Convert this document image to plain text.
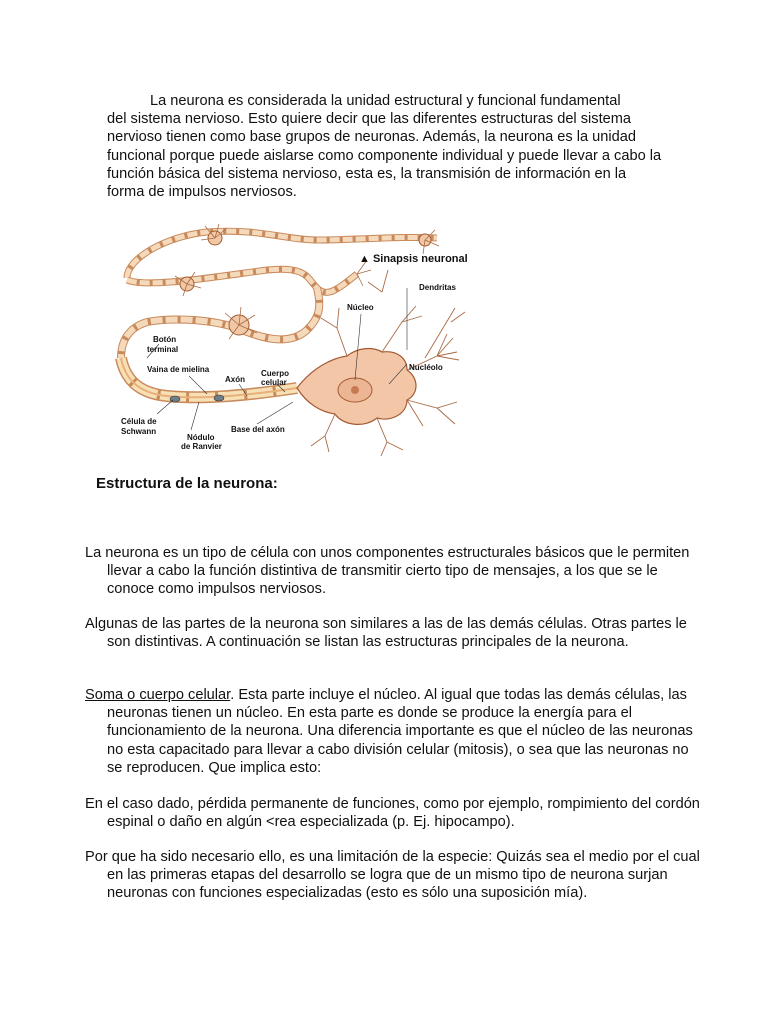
La neurona es considerada la unidad estructural y funcional fundamental

del sistema nervioso. Esto quiere decir que las diferentes estructuras del sistema nervioso tienen como base grupos de neuronas. Además, la neurona es la unidad funcional porque puede aislarse como componente individual y puede llevar a cabo la función básica del sistema nervioso, esta es, la transmisión de información en la forma de impulsos nerviosos.

▲ Sinapsis neuronal
Dendritas
Núcleo
Botón
terminal
Vaina de mielina
Axón
Cuerpo
celular
Nucléolo
Célula de
Schwann
Nódulo
de Ranvier
Base del axón
Estructura de la neurona:
La neurona es un tipo de célula con unos componentes estructurales básicos que le permiten llevar a cabo la función distintiva de transmitir cierto tipo de mensajes, a los que se le conoce como impulsos nerviosos.
Algunas de las partes de la neurona son similares a las de las demás células. Otras partes le son distintivas. A continuación se listan las estructuras principales de la neurona.
Soma o cuerpo celular. Esta parte incluye el núcleo. Al igual que todas las demás células, las neuronas tienen un núcleo. En esta parte es donde se produce la energía para el funcionamiento de la neurona. Una diferencia importante es que el núcleo de las neuronas no esta capacitado para llevar a cabo división celular (mitosis), o sea que las neuronas no se reproducen. Que implica esto:
En el caso dado, pérdida permanente de funciones, como por ejemplo, rompimiento del cordón espinal o daño en algún <rea especializada (p. Ej. hipocampo).
Por que ha sido necesario ello, es una limitación de la especie: Quizás sea el medio por el cual en las primeras etapas del desarrollo se logra que de un mismo tipo de neurona surjan neuronas con funciones especializadas (esto es sólo una suposición mía).
